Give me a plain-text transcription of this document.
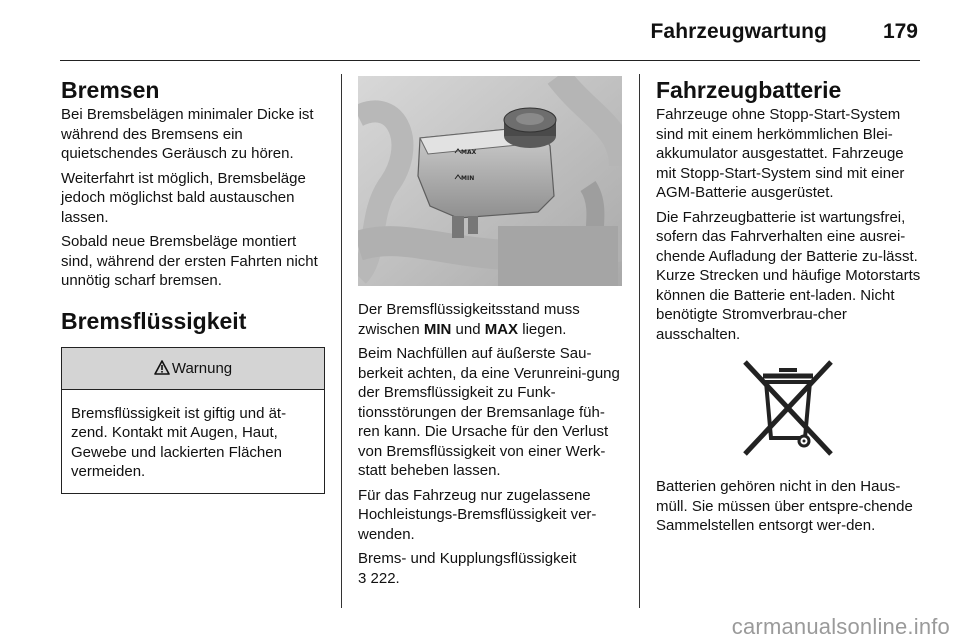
Fahrzeugwartung	179
Bremsen

Bei Bremsbelägen minimaler Dicke ist während des Bremsens ein quietschendes Geräusch zu hören.

Weiterfahrt ist möglich, Bremsbeläge jedoch möglichst bald austauschen lassen.

Sobald neue Bremsbeläge montiert sind, während der ersten Fahrten nicht unnötig scharf bremsen.

Bremsflüssigkeit
Warnung

Bremsflüssigkeit ist giftig und ät-zend. Kontakt mit Augen, Haut, Gewebe und lackierten Flächen vermeiden.

MAX
MIN

Der Bremsflüssigkeitsstand muss zwischen MIN und MAX liegen.

Beim Nachfüllen auf äußerste Sau-berkeit achten, da eine Verunreini-gung der Bremsflüssigkeit zu Funk-tionsstörungen der Bremsanlage füh-ren kann. Die Ursache für den Verlust von Bremsflüssigkeit von einer Werk-statt beheben lassen.

Für das Fahrzeug nur zugelassene Hochleistungs-Bremsflüssigkeit ver-wenden.

Brems- und Kupplungsflüssigkeit
3 222.

Fahrzeugbatterie

Fahrzeuge ohne Stopp-Start-System sind mit einem herkömmlichen Blei-akkumulator ausgestattet. Fahrzeuge mit Stopp-Start-System sind mit einer AGM-Batterie ausgerüstet.

Die Fahrzeugbatterie ist wartungsfrei, sofern das Fahrverhalten eine ausrei-chende Aufladung der Batterie zu-lässt. Kurze Strecken und häufige Motorstarts können die Batterie ent-laden. Nicht benötigte Stromverbrau-cher ausschalten.

Batterien gehören nicht in den Haus-müll. Sie müssen über entspre-chende Sammelstellen entsorgt wer-den.

carmanualsonline.info
